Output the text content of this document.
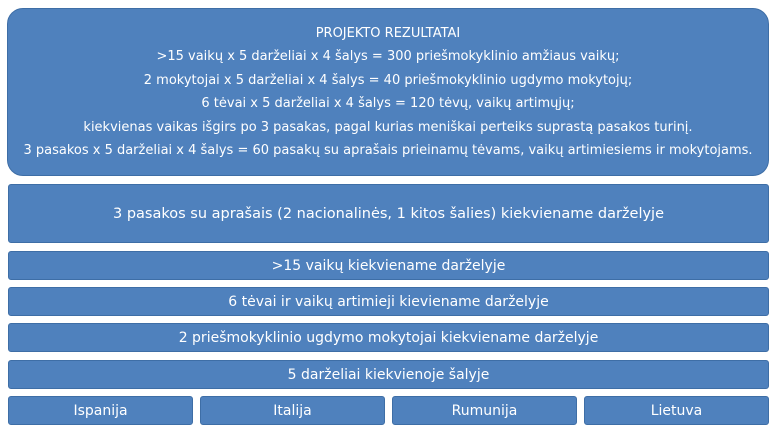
PROJEKTO REZULTATAI
>15 vaikų x 5 darželiai x 4 šalys = 300 priešmokyklinio amžiaus vaikų;
2 mokytojai x 5 darželiai x 4 šalys = 40 priešmokyklinio ugdymo mokytojų;
6 tėvai x 5 darželiai x 4 šalys = 120 tėvų, vaikų artimųjų;
kiekvienas vaikas išgirs po 3 pasakas, pagal kurias meniškai perteiks suprastą pasakos turinį.
3 pasakos x 5 darželiai x 4 šalys = 60 pasakų su aprašais prieinamų tėvams, vaikų artimiesiems ir mokytojams.
3 pasakos su aprašais (2 nacionalinės, 1 kitos šalies) kiekviename darželyje
>15 vaikų kiekviename darželyje
6 tėvai ir vaikų artimieji kieviename darželyje
2 priešmokyklinio ugdymo mokytojai kiekviename darželyje
5 darželiai kiekvienoje šalyje
Ispanija	Italija	Rumunija	Lietuva
